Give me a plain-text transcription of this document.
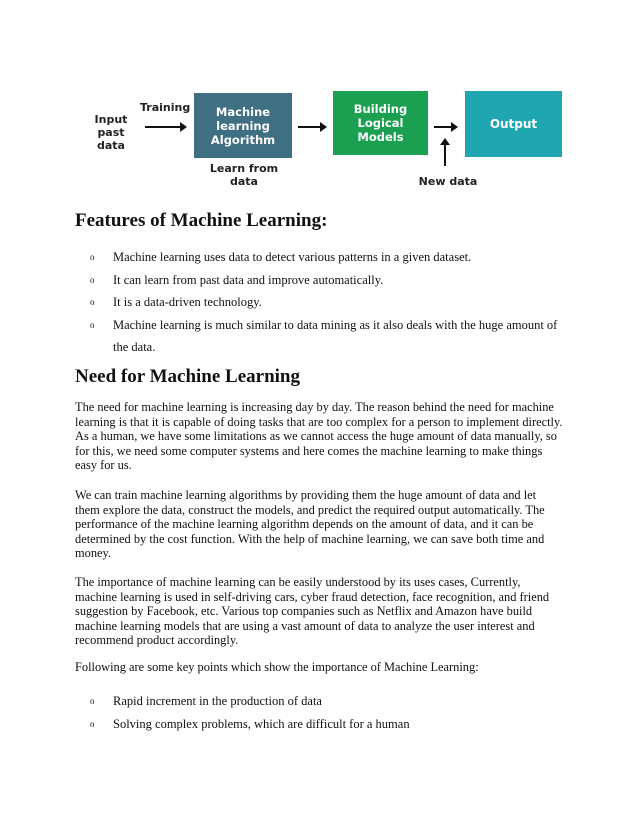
Input past
data
Training	Machine learning
Algorithm
Learn from
data
Building
Logical
Models
New data
Output
Features of Machine Learning:
o Machine learning uses data to detect various patterns in a given dataset.
o It can learn from past data and improve automatically.
o It is a data-driven technology.
o Machine learning is much similar to data mining as it also deals with the huge amount of the data.
Need for Machine Learning

The need for machine learning is increasing day by day. The reason behind the need for machine learning is that it is capable of doing tasks that are too complex for a person to implement directly. As a human, we have some limitations as we cannot access the huge amount of data manually, so for this, we need some computer systems and here comes the machine learning to make things easy for us.

We can train machine learning algorithms by providing them the huge amount of data and let them explore the data, construct the models, and predict the required output automatically. The performance of the machine learning algorithm depends on the amount of data, and it can be determined by the cost function. With the help of machine learning, we can save both time and money.

The importance of machine learning can be easily understood by its uses cases, Currently, machine learning is used in self-driving cars, cyber fraud detection, face recognition, and friend suggestion by Facebook, etc. Various top companies such as Netflix and Amazon have build machine learning models that are using a vast amount of data to analyze the user interest and recommend product accordingly.

Following are some key points which show the importance of Machine Learning:

o Rapid increment in the production of data
o Solving complex problems, which are difficult for a human
